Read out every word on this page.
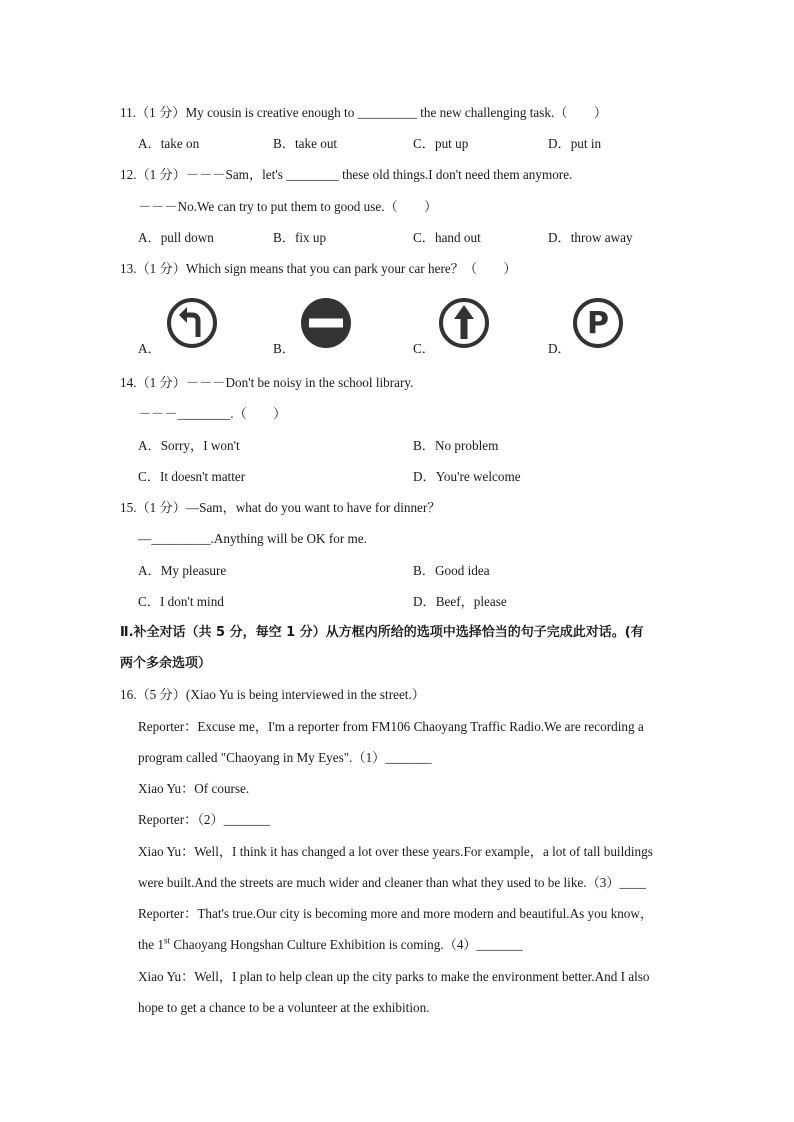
11.（1 分）My cousin is creative enough to _________ the new challenging task.（　　）
A．take on	B．take out	C．put up	D．put in
12.（1 分）－－－Sam，let's ________ these old things.I don't need them anymore.
－－－No.We can try to put them to good use.（　　）
A．pull down	B．fix up	C．hand out	D．throw away
13.（1 分）Which sign means that you can park your car here？（　　）
A．	B．	C．	D．
P
14.（1 分）－－－Don't be noisy in the school library.
－－－________.（　　）
A．Sorry，I won't	B．No problem
C．It doesn't matter	D．You're welcome
15.（1 分）—Sam，what do you want to have for dinner？
—_________.Anything will be OK for me.
A．My pleasure	B．Good idea
C．I don't mind	D．Beef，please
Ⅱ.补全对话（共 5 分，每空 1 分）从方框内所给的选项中选择恰当的句子完成此对话。(有
两个多余选项）
16.（5 分）(Xiao Yu is being interviewed in the street.）
Reporter：Excuse me，I'm a reporter from FM106 Chaoyang Traffic Radio.We are recording a
program called "Chaoyang in My Eyes".（1）_______
Xiao Yu：Of course.
Reporter：（2）_______
Xiao Yu：Well，I think it has changed a lot over these years.For example，a lot of tall buildings
were built.And the streets are much wider and cleaner than what they used to be like.（3）____
Reporter：That's true.Our city is becoming more and more modern and beautiful.As you know，
the 1st Chaoyang Hongshan Culture Exhibition is coming.（4）_______
Xiao Yu：Well，I plan to help clean up the city parks to make the environment better.And I also
hope to get a chance to be a volunteer at the exhibition.
